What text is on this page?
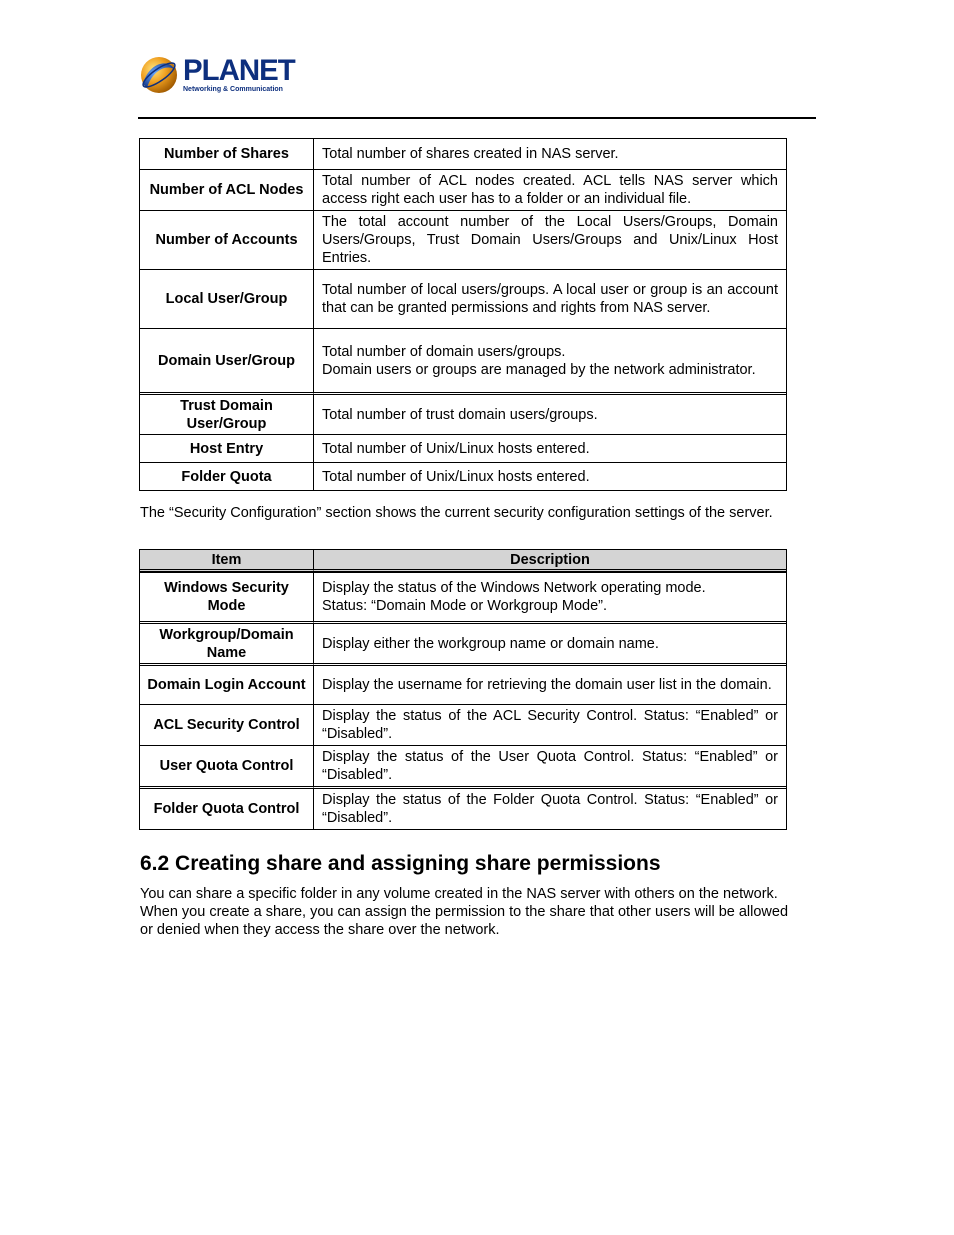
PLANET
Networking & Communication
Number of Shares	Total number of shares created in NAS server.
Number of ACL Nodes	Total number of ACL nodes created. ACL tells NAS server which access right each user has to a folder or an individual file.
Number of Accounts	The total account number of the Local Users/Groups, Domain Users/Groups, Trust Domain Users/Groups and Unix/Linux Host Entries.
Local User/Group	Total number of local users/groups. A local user or group is an account that can be granted permissions and rights from NAS server.
Domain User/Group	Total number of domain users/groups.
Domain users or groups are managed by the network administrator.

Trust Domain User/Group	Total number of trust domain users/groups.
Host Entry	Total number of Unix/Linux hosts entered.
Folder Quota	Total number of Unix/Linux hosts entered.
The “Security Configuration” section shows the current security configuration settings of the server.
Item	Description
Windows Security Mode	Display the status of the Windows Network operating mode.
Status: “Domain Mode or Workgroup Mode”.

Workgroup/Domain Name	Display either the workgroup name or domain name.
Domain Login Account	Display the username for retrieving the domain user list in the domain.
ACL Security Control	Display the status of the ACL Security Control. Status: “Enabled” or “Disabled”.
User Quota Control	Display the status of the User Quota Control. Status: “Enabled” or “Disabled”.
Folder Quota Control	Display the status of the Folder Quota Control. Status: “Enabled” or “Disabled”.
6.2 Creating share and assigning share permissions
You can share a specific folder in any volume created in the NAS server with others on the network. When you create a share, you can assign the permission to the share that other users will be allowed or denied when they access the share over the network.
